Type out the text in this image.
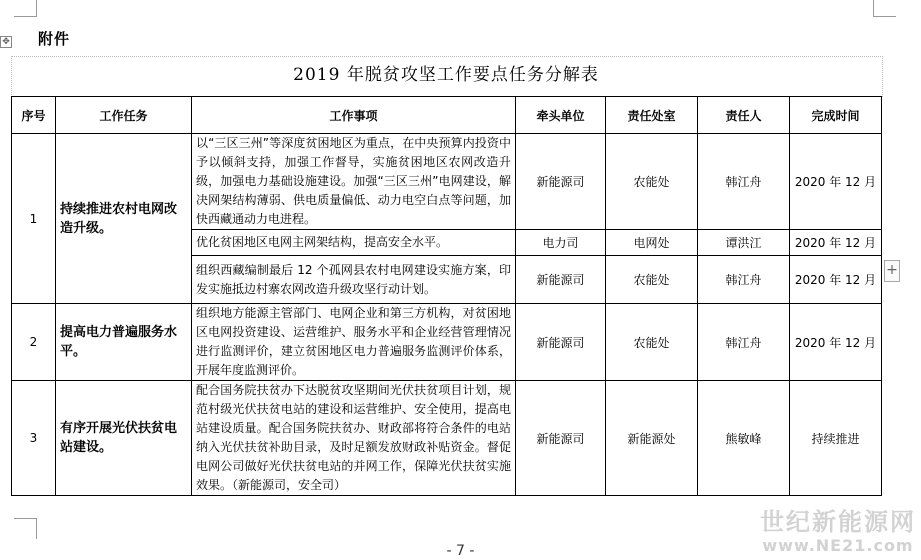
✥ 附件
2019 年脱贫攻坚工作要点任务分解表
序号	工作任务	工作事项	牵头单位	责任处室	责任人	完成时间
1	持续推进农村电网改造升级。	以“三区三州”等深度贫困地区为重点，在中央预算内投资中予以倾斜支持，加强工作督导，实施贫困地区农网改造升级，加强电力基础设施建设。加强“三区三州”电网建设，解决网架结构薄弱、供电质量偏低、动力电空白点等问题，加快西藏通动力电进程。	新能源司	农能处	韩江舟	2020 年 12 月
		优化贫困地区电网主网架结构，提高安全水平。	电力司	电网处	谭洪江	2020 年 12 月
		组织西藏编制最后 12 个孤网县农村电网建设实施方案，印发实施抵边村寨农网改造升级攻坚行动计划。	新能源司	农能处	韩江舟	2020 年 12 月
2	提高电力普遍服务水平。	组织地方能源主管部门、电网企业和第三方机构，对贫困地区电网投资建设、运营维护、服务水平和企业经营管理情况进行监测评价，建立贫困地区电力普遍服务监测评价体系，开展年度监测评价。	新能源司	农能处	韩江舟	2020 年 12 月
3	有序开展光伏扶贫电站建设。	配合国务院扶贫办下达脱贫攻坚期间光伏扶贫项目计划，规范村级光伏扶贫电站的建设和运营维护、安全使用，提高电站建设质量。配合国务院扶贫办、财政部将符合条件的电站纳入光伏扶贫补助目录，及时足额发放财政补贴资金。督促电网公司做好光伏扶贫电站的并网工作，保障光伏扶贫实施效果。（新能源司，安全司）	新能源司	新能源处	熊敏峰	持续推进
+
- 7 -
世纪新能源网
www.NE21.com
